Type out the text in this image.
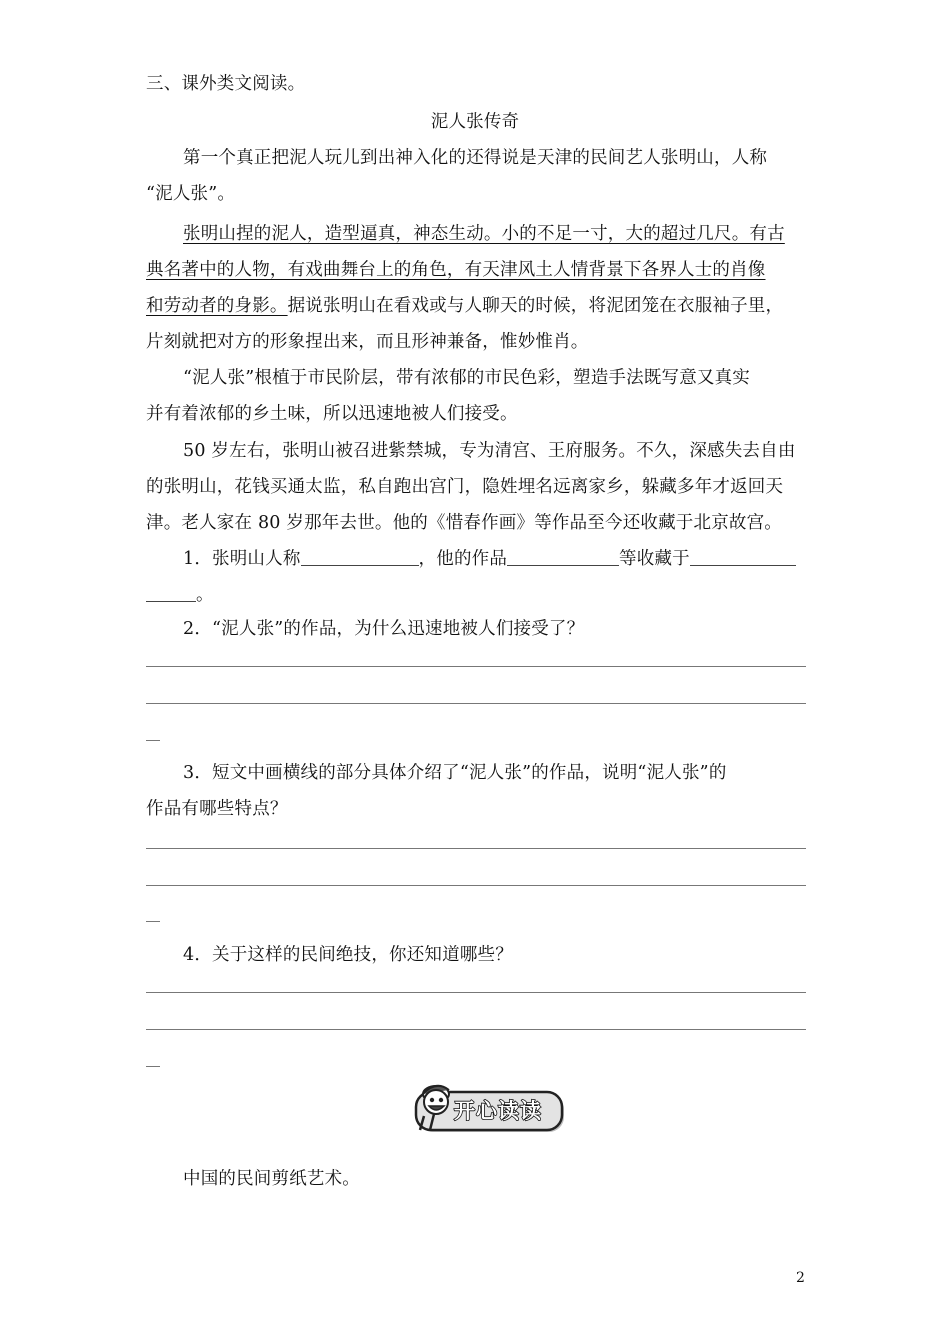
三、课外类文阅读。
泥人张传奇
第一个真正把泥人玩儿到出神入化的还得说是天津的民间艺人张明山，人称
“泥人张”。
张明山捏的泥人，造型逼真，神态生动。小的不足一寸，大的超过几尺。有古
典名著中的人物，有戏曲舞台上的角色，有天津风土人情背景下各界人士的肖像
和劳动者的身影。据说张明山在看戏或与人聊天的时候，将泥团笼在衣服袖子里，
片刻就把对方的形象捏出来，而且形神兼备，惟妙惟肖。
“泥人张”根植于市民阶层，带有浓郁的市民色彩，塑造手法既写意又真实
并有着浓郁的乡土味，所以迅速地被人们接受。
50 岁左右，张明山被召进紫禁城，专为清宫、王府服务。不久，深感失去自由
的张明山，花钱买通太监，私自跑出宫门，隐姓埋名远离家乡，躲藏多年才返回天
津。老人家在 80 岁那年去世。他的《惜春作画》等作品至今还收藏于北京故宫。
1．张明山人称	，他的作品	等收藏于
。
2．“泥人张”的作品，为什么迅速地被人们接受了？
3．短文中画横线的部分具体介绍了“泥人张”的作品，说明“泥人张”的
作品有哪些特点？
4．关于这样的民间绝技，你还知道哪些？
开心读读
中国的民间剪纸艺术。
2
